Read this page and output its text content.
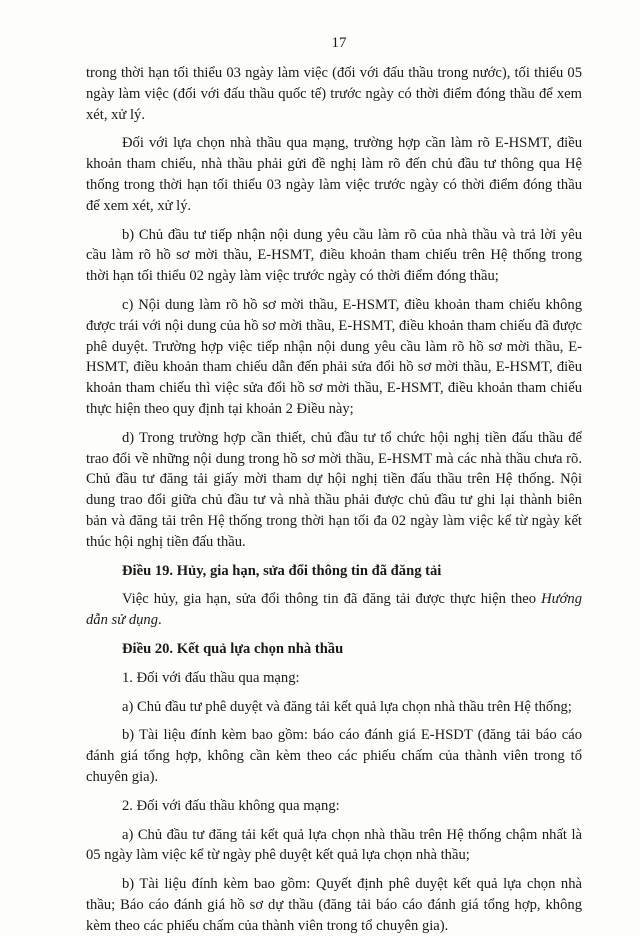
17

trong thời hạn tối thiểu 03 ngày làm việc (đối với đấu thầu trong nước), tối thiểu 05 ngày làm việc (đối với đấu thầu quốc tế) trước ngày có thời điểm đóng thầu để xem xét, xử lý.

Đối với lựa chọn nhà thầu qua mạng, trường hợp cần làm rõ E-HSMT, điều khoản tham chiếu, nhà thầu phải gửi đề nghị làm rõ đến chủ đầu tư thông qua Hệ thống trong thời hạn tối thiểu 03 ngày làm việc trước ngày có thời điểm đóng thầu để xem xét, xử lý.

b) Chủ đầu tư tiếp nhận nội dung yêu cầu làm rõ của nhà thầu và trả lời yêu cầu làm rõ hồ sơ mời thầu, E-HSMT, điều khoản tham chiếu trên Hệ thống trong thời hạn tối thiểu 02 ngày làm việc trước ngày có thời điểm đóng thầu;

c) Nội dung làm rõ hồ sơ mời thầu, E-HSMT, điều khoản tham chiếu không được trái với nội dung của hồ sơ mời thầu, E-HSMT, điều khoản tham chiếu đã được phê duyệt. Trường hợp việc tiếp nhận nội dung yêu cầu làm rõ hồ sơ mời thầu, E-HSMT, điều khoản tham chiếu dẫn đến phải sửa đổi hồ sơ mời thầu, E-HSMT, điều khoản tham chiếu thì việc sửa đổi hồ sơ mời thầu, E-HSMT, điều khoản tham chiếu thực hiện theo quy định tại khoản 2 Điều này;

d) Trong trường hợp cần thiết, chủ đầu tư tổ chức hội nghị tiền đấu thầu để trao đổi về những nội dung trong hồ sơ mời thầu, E-HSMT mà các nhà thầu chưa rõ. Chủ đầu tư đăng tải giấy mời tham dự hội nghị tiền đấu thầu trên Hệ thống. Nội dung trao đổi giữa chủ đầu tư và nhà thầu phải được chủ đầu tư ghi lại thành biên bản và đăng tải trên Hệ thống trong thời hạn tối đa 02 ngày làm việc kể từ ngày kết thúc hội nghị tiền đấu thầu.

Điều 19. Hủy, gia hạn, sửa đổi thông tin đã đăng tải

Việc hủy, gia hạn, sửa đổi thông tin đã đăng tải được thực hiện theo Hướng dẫn sử dụng.

Điều 20. Kết quả lựa chọn nhà thầu

1. Đối với đấu thầu qua mạng:

a) Chủ đầu tư phê duyệt và đăng tải kết quả lựa chọn nhà thầu trên Hệ thống;

b) Tài liệu đính kèm bao gồm: báo cáo đánh giá E-HSDT (đăng tải báo cáo đánh giá tổng hợp, không cần kèm theo các phiếu chấm của thành viên trong tổ chuyên gia).

2. Đối với đấu thầu không qua mạng:

a) Chủ đầu tư đăng tải kết quả lựa chọn nhà thầu trên Hệ thống chậm nhất là 05 ngày làm việc kể từ ngày phê duyệt kết quả lựa chọn nhà thầu;

b) Tài liệu đính kèm bao gồm: Quyết định phê duyệt kết quả lựa chọn nhà thầu; Báo cáo đánh giá hồ sơ dự thầu (đăng tải báo cáo đánh giá tổng hợp, không kèm theo các phiếu chấm của thành viên trong tổ chuyên gia).
